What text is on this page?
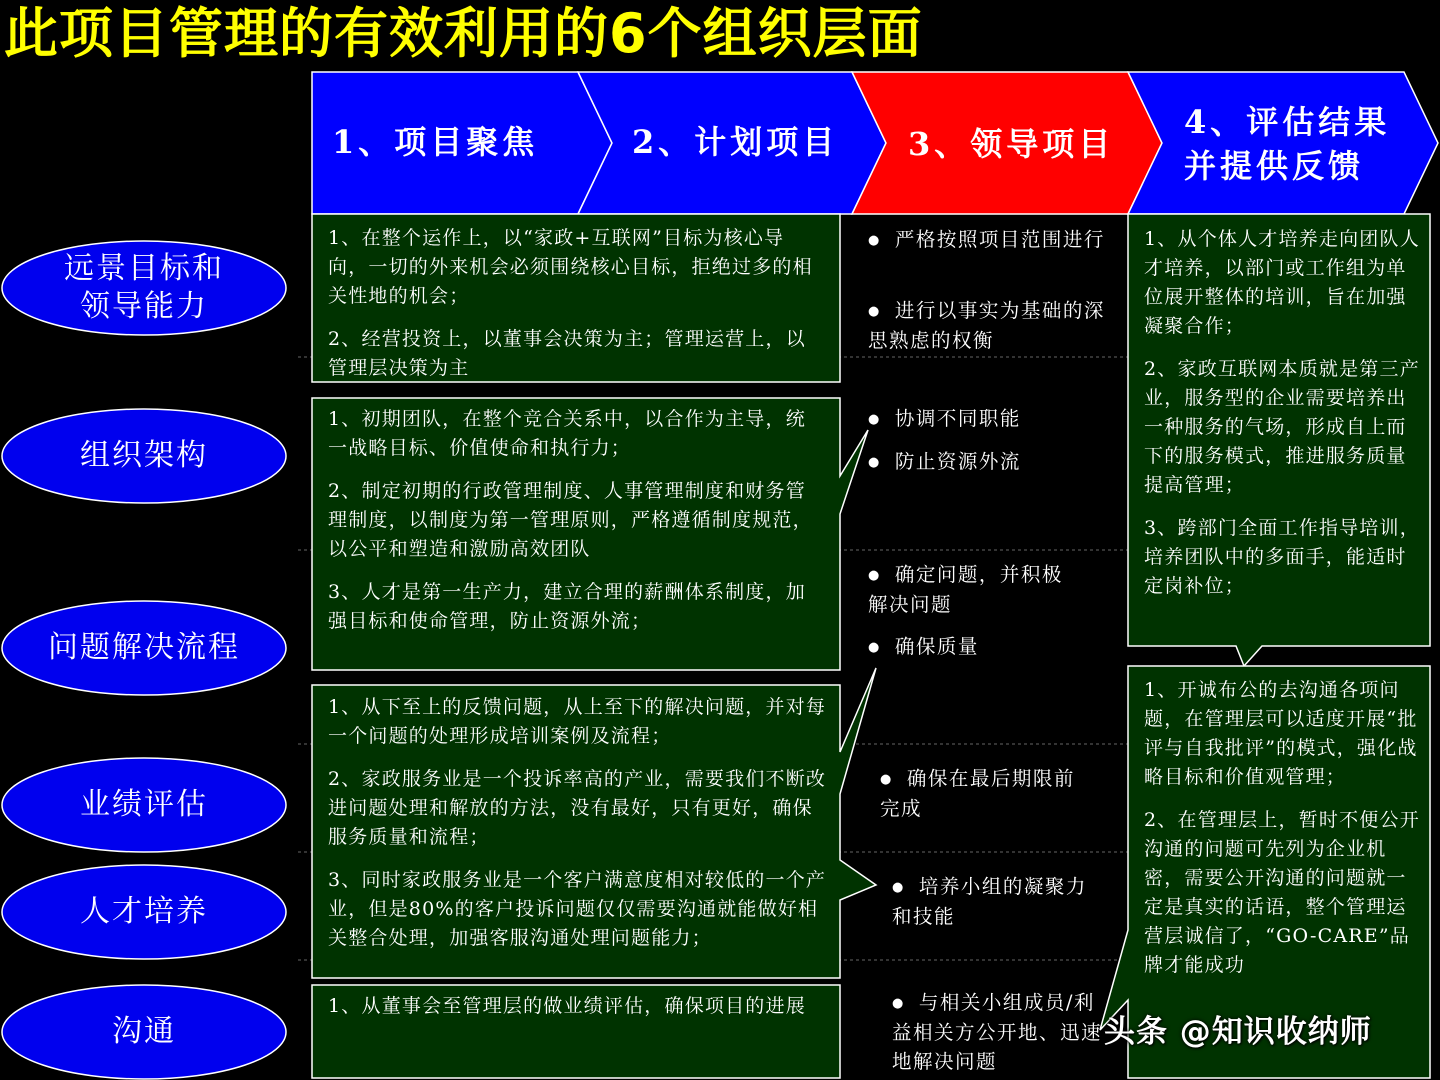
此项目管理的有效利用的6个组织层面
1、项目聚焦	2、计划项目 3、领导项目
4、评估结果
并提供反馈
远景目标和
领导能力
组织架构
问题解决流程
业绩评估
人才培养
沟通

1、在整个运作上，以“家政+互联网”目标为核心导向，一切的外来机会必须围绕核心目标，拒绝过多的相关性地的机会；

2、经营投资上，以董事会决策为主；管理运营上，以管理层决策为主

1、初期团队，在整个竞合关系中，以合作为主导，统一战略目标、价值使命和执行力；

2、制定初期的行政管理制度、人事管理制度和财务管理制度，以制度为第一管理原则，严格遵循制度规范，以公平和塑造和激励高效团队

3、人才是第一生产力，建立合理的薪酬体系制度，加强目标和使命管理，防止资源外流；

1、从下至上的反馈问题，从上至下的解决问题，并对每一个问题的处理形成培训案例及流程；

2、家政服务业是一个投诉率高的产业，需要我们不断改进问题处理和解放的方法，没有最好，只有更好，确保服务质量和流程；

3、同时家政服务业是一个客户满意度相对较低的一个产业，但是80%的客户投诉问题仅仅需要沟通就能做好相关整合处理，加强客服沟通处理问题能力；

1、从董事会至管理层的做业绩评估，确保项目的进展

● 严格按照项目范围进行

● 进行以事实为基础的深思熟虑的权衡

● 协调不同职能

● 防止资源外流

● 确定问题，并积极解决问题

● 确保质量

● 确保在最后期限前完成

● 培养小组的凝聚力和技能

● 与相关小组成员/利益相关方公开地、迅速地解决问题

1、从个体人才培养走向团队人才培养，以部门或工作组为单位展开整体的培训，旨在加强凝聚合作；

2、家政互联网本质就是第三产业，服务型的企业需要培养出一种服务的气场，形成自上而下的服务模式，推进服务质量提高管理；

3、跨部门全面工作指导培训，培养团队中的多面手，能适时定岗补位；

1、开诚布公的去沟通各项问题，在管理层可以适度开展“批评与自我批评”的模式，强化战略目标和价值观管理；

2、在管理层上，暂时不便公开沟通的问题可先列为企业机密，需要公开沟通的问题就一定是真实的话语，整个管理运营层诚信了，“GO-CARE”品牌才能成功

头条 @知识收纳师
